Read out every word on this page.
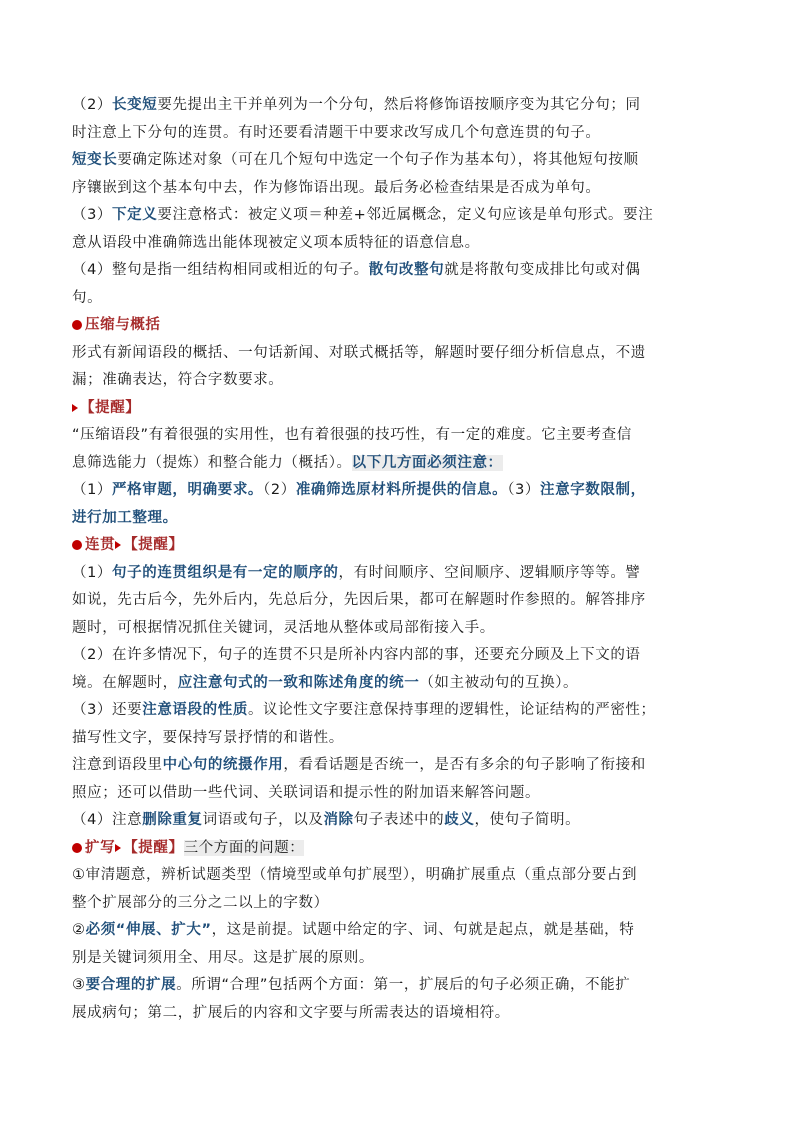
（2）长变短要先提出主干并单列为一个分句，然后将修饰语按顺序变为其它分句；同
时注意上下分句的连贯。有时还要看清题干中要求改写成几个句意连贯的句子。
短变长要确定陈述对象（可在几个短句中选定一个句子作为基本句），将其他短句按顺
序镶嵌到这个基本句中去，作为修饰语出现。最后务必检查结果是否成为单句。
（3）下定义要注意格式：被定义项＝种差+邻近属概念，定义句应该是单句形式。要注
意从语段中准确筛选出能体现被定义项本质特征的语意信息。
（4）整句是指一组结构相同或相近的句子。散句改整句就是将散句变成排比句或对偶
句。
压缩与概括
形式有新闻语段的概括、一句话新闻、对联式概括等，解题时要仔细分析信息点，不遗
漏；准确表达，符合字数要求。
【提醒】
“压缩语段”有着很强的实用性，也有着很强的技巧性，有一定的难度。它主要考查信
息筛选能力（提炼）和整合能力（概括）。以下几方面必须注意：
（1）严格审题，明确要求。（2）准确筛选原材料所提供的信息。（3）注意字数限制，
进行加工整理。
连贯 【提醒】
（1）句子的连贯组织是有一定的顺序的，有时间顺序、空间顺序、逻辑顺序等等。譬
如说，先古后今，先外后内，先总后分，先因后果，都可在解题时作参照的。解答排序
题时，可根据情况抓住关键词，灵活地从整体或局部衔接入手。
（2）在许多情况下，句子的连贯不只是所补内容内部的事，还要充分顾及上下文的语
境。在解题时，应注意句式的一致和陈述角度的统一（如主被动句的互换）。
（3）还要注意语段的性质。议论性文字要注意保持事理的逻辑性，论证结构的严密性；
描写性文字，要保持写景抒情的和谐性。
注意到语段里中心句的统摄作用，看看话题是否统一，是否有多余的句子影响了衔接和
照应；还可以借助一些代词、关联词语和提示性的附加语来解答问题。
（4）注意删除重复词语或句子，以及消除句子表述中的歧义，使句子简明。
扩写 【提醒】三个方面的问题：
①审清题意，辨析试题类型（情境型或单句扩展型），明确扩展重点（重点部分要占到
整个扩展部分的三分之二以上的字数）
②必须“伸展、扩大”，这是前提。试题中给定的字、词、句就是起点，就是基础，特
别是关键词须用全、用尽。这是扩展的原则。
③要合理的扩展。所谓“合理”包括两个方面：第一，扩展后的句子必须正确，不能扩
展成病句；第二，扩展后的内容和文字要与所需表达的语境相符。
